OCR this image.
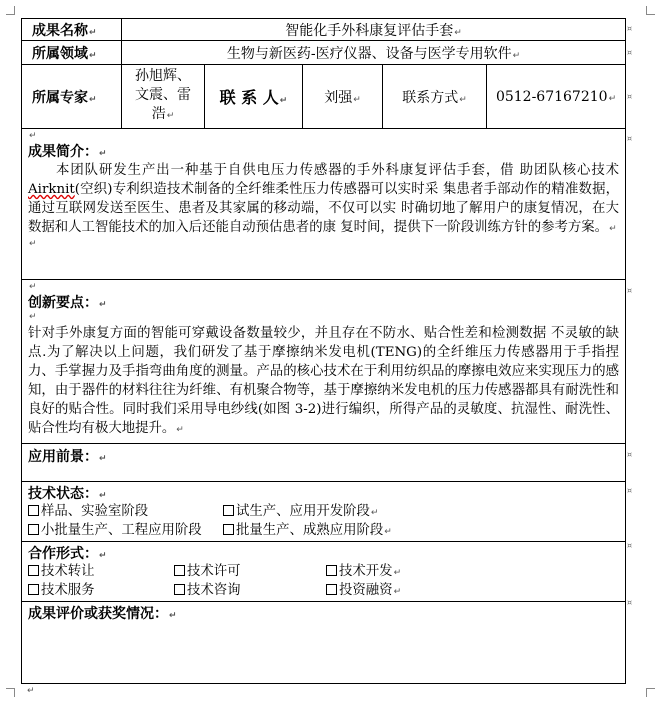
成果名称↵	智能化手外科康复评估手套↵				
所属领域↵	生物与新医药-医疗仪器、设备与医学专用软件↵				
所属专家↵	孙旭辉、
文震、雷
浩↵	联 系 人↵	刘强↵	联系方式↵	0512-67167210↵

↵
成果简介：↵
本团队研发生产出一种基于自供电压力传感器的手外科康复评估手套，借 助团队核心技术 Airknit(空织)专利织造技术制备的全纤维柔性压力传感器可以实时采 集患者手部动作的精准数据，通过互联网发送至医生、患者及其家属的移动端，不仅可以实 时确切地了解用户的康复情况，在大数据和人工智能技术的加入后还能自动预估患者的康 复时间，提供下一阶段训练方针的参考方案。↵
↵					

↵
创新要点：↵
↵
针对手外康复方面的智能可穿戴设备数量较少，并且存在不防水、贴合性差和检测数据 不灵敏的缺点.为了解决以上问题，我们研发了基于摩擦纳米发电机(TENG)的全纤维压力传感器用于手指捏力、手掌握力及手指弯曲角度的测量。产品的核心技术在于利用纺织品的摩擦电效应来实现压力的感知，由于器件的材料往往为纤维、有机聚合物等，基于摩擦纳米发电机的压力传感器都具有耐洗性和良好的贴合性。同时我们采用导电纱线(如图 3-2)进行编织，所得产品的灵敏度、抗湿性、耐洗性、贴合性均有极大地提升。↵					

应用前景：↵					

技术状态：↵
样品、实验室阶段 试生产、应用开发阶段↵
小批量生产、工程应用阶段 批量生产、成熟应用阶段↵					

合作形式：↵
技术转让 技术许可 技术开发↵
技术服务 技术咨询 投资融资↵					

成果评价或获奖情况：↵					
¤
¤
¤
¤
¤
¤
¤
¤
¤
↵
